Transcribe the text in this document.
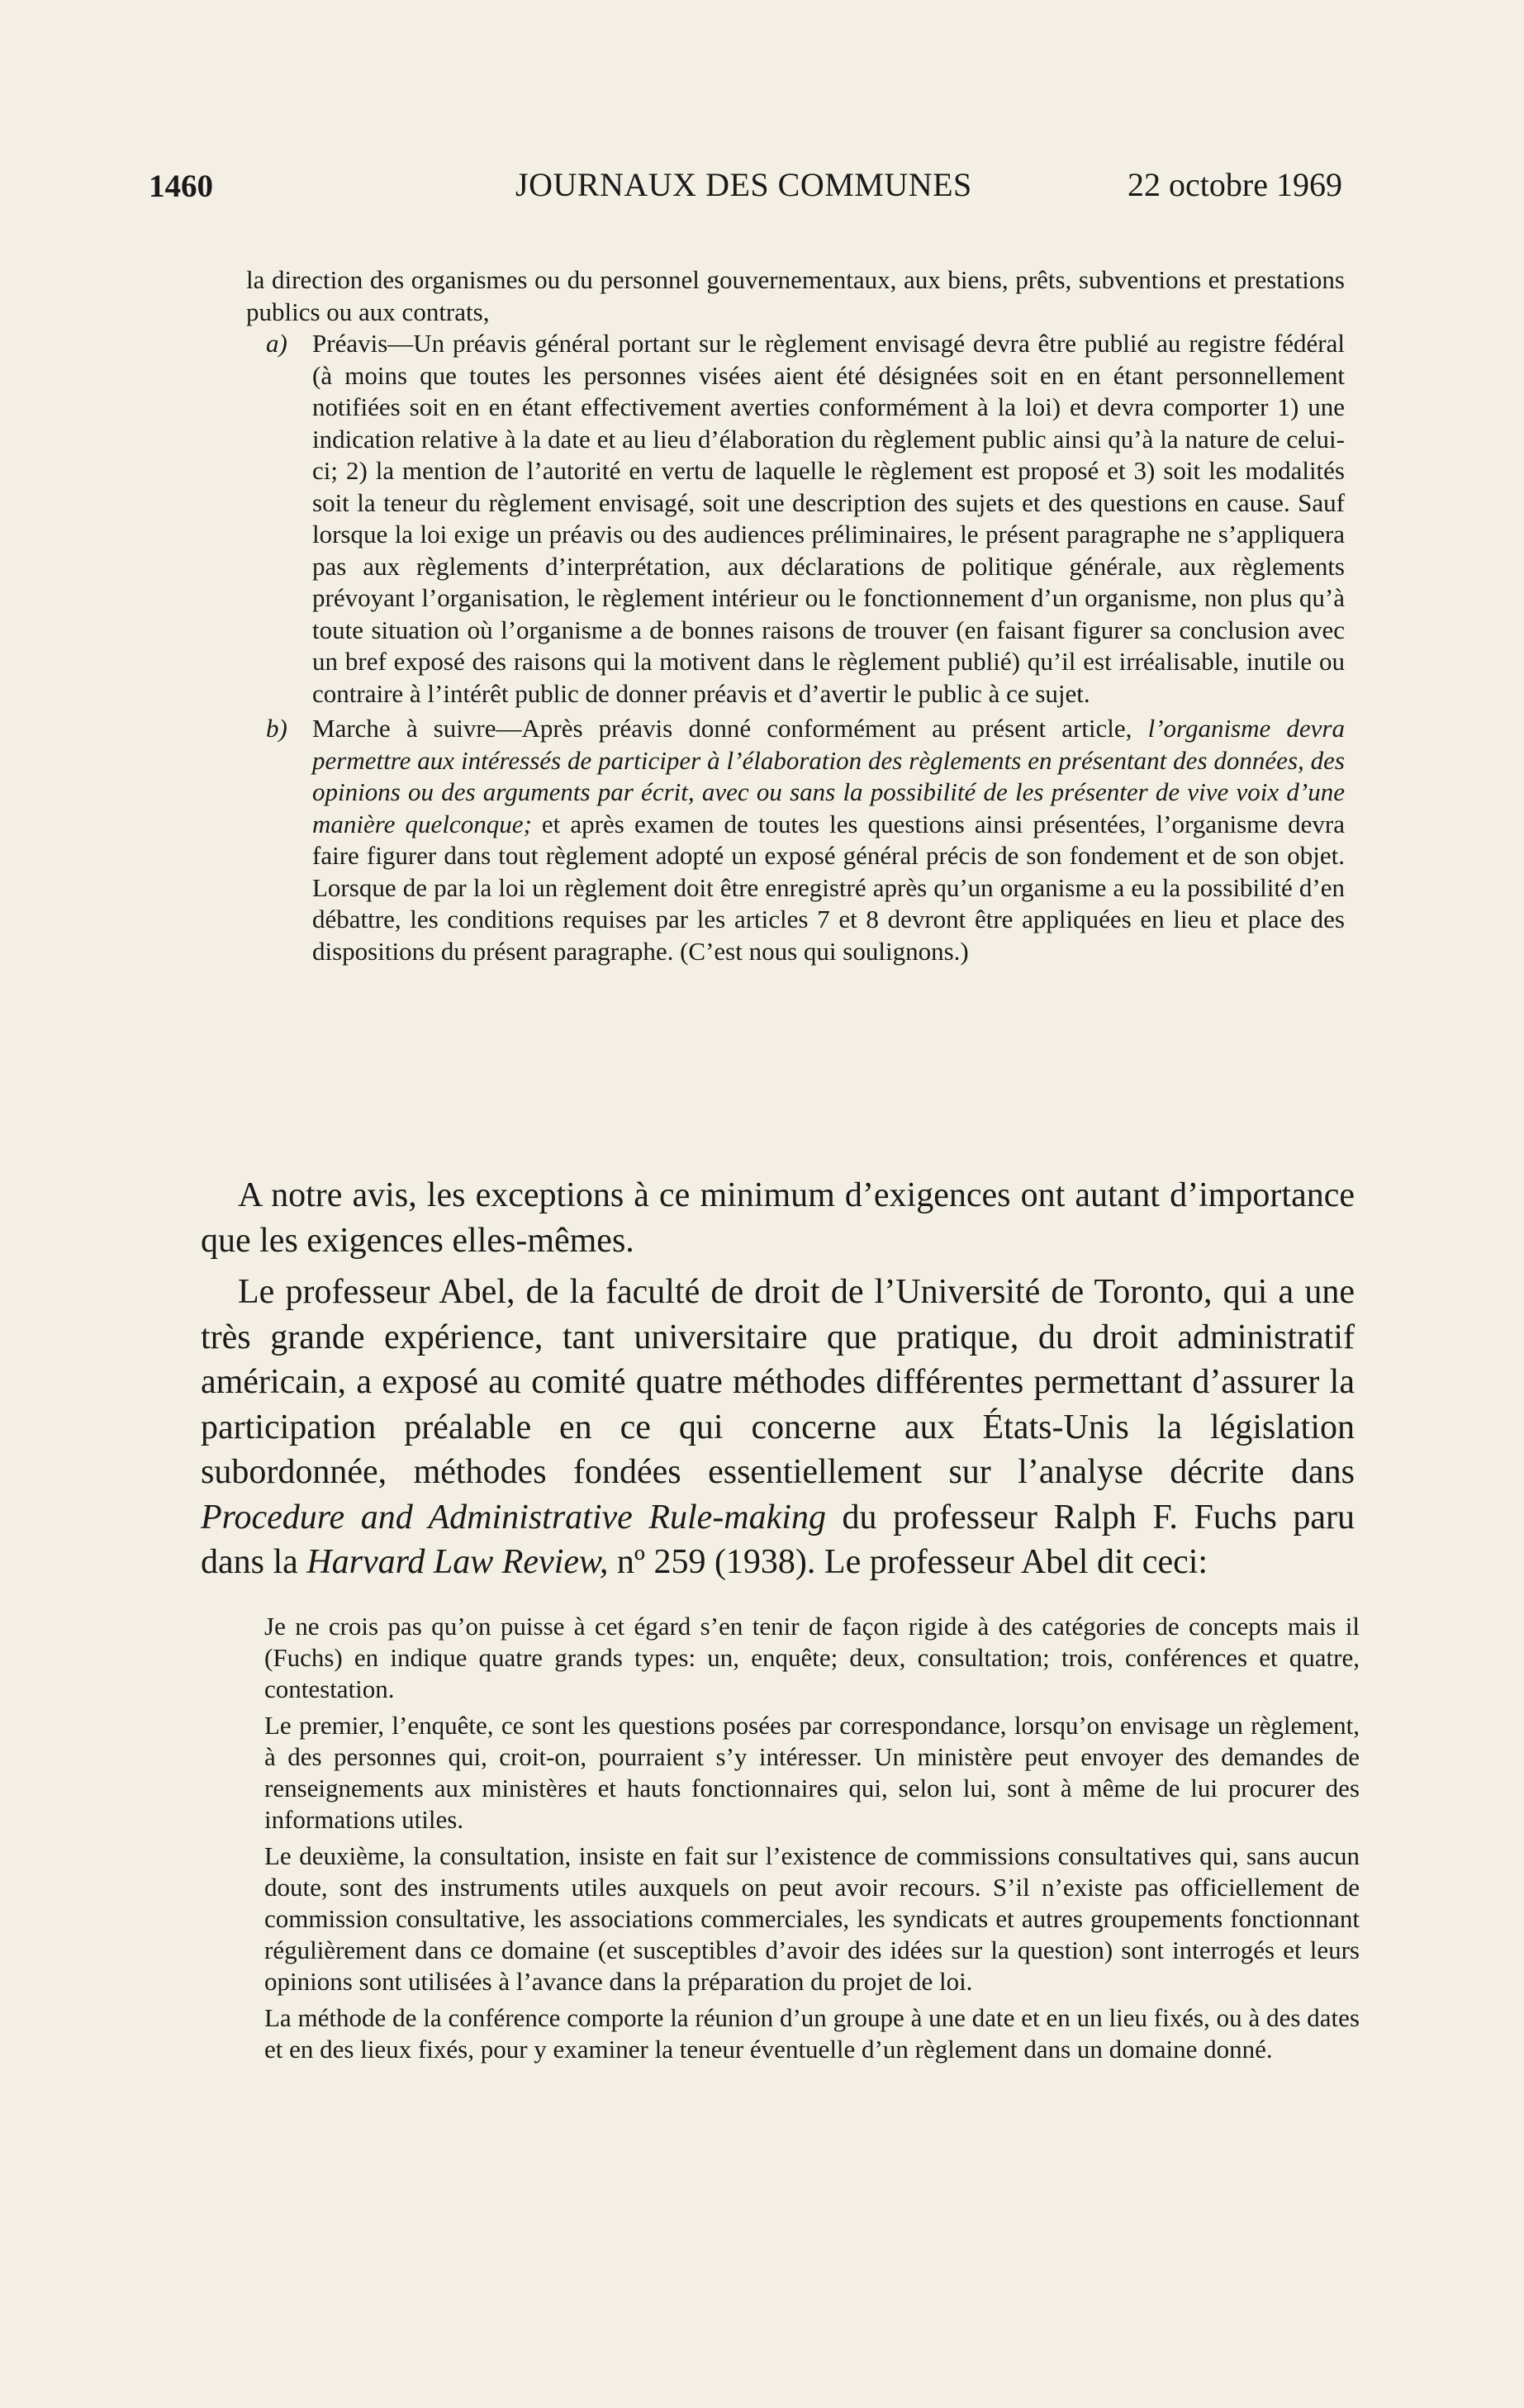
1460	JOURNAUX DES COMMUNES	22 octobre 1969

la direction des organismes ou du personnel gouvernementaux, aux biens, prêts, subventions et prestations publics ou aux contrats,

a) Préavis—Un préavis général portant sur le règlement envisagé devra être publié au registre fédéral (à moins que toutes les personnes visées aient été désignées soit en en étant personnellement notifiées soit en en étant effectivement averties conformément à la loi) et devra comporter 1) une indication relative à la date et au lieu d’élaboration du règlement public ainsi qu’à la nature de celui-ci; 2) la mention de l’autorité en vertu de laquelle le règlement est proposé et 3) soit les modalités soit la teneur du règlement envisagé, soit une description des sujets et des questions en cause. Sauf lorsque la loi exige un préavis ou des audiences préliminaires, le présent paragraphe ne s’appliquera pas aux règlements d’interprétation, aux déclarations de politique générale, aux règlements prévoyant l’organisation, le règlement intérieur ou le fonctionnement d’un organisme, non plus qu’à toute situation où l’organisme a de bonnes raisons de trouver (en faisant figurer sa conclusion avec un bref exposé des raisons qui la motivent dans le règlement publié) qu’il est irréalisable, inutile ou contraire à l’intérêt public de donner préavis et d’avertir le public à ce sujet.

b) Marche à suivre—Après préavis donné conformément au présent article, l’organisme devra permettre aux intéressés de participer à l’élaboration des règlements en présentant des données, des opinions ou des arguments par écrit, avec ou sans la possibilité de les présenter de vive voix d’une manière quelconque; et après examen de toutes les questions ainsi présentées, l’organisme devra faire figurer dans tout règlement adopté un exposé général précis de son fondement et de son objet. Lorsque de par la loi un règlement doit être enregistré après qu’un organisme a eu la possibilité d’en débattre, les conditions requises par les articles 7 et 8 devront être appliquées en lieu et place des dispositions du présent paragraphe. (C’est nous qui soulignons.)

A notre avis, les exceptions à ce minimum d’exigences ont autant d’importance que les exigences elles-mêmes.

Le professeur Abel, de la faculté de droit de l’Université de Toronto, qui a une très grande expérience, tant universitaire que pratique, du droit administratif américain, a exposé au comité quatre méthodes différentes permettant d’assurer la participation préalable en ce qui concerne aux États-Unis la législation subordonnée, méthodes fondées essentiellement sur l’analyse décrite dans Procedure and Administrative Rule-making du professeur Ralph F. Fuchs paru dans la Harvard Law Review, nº 259 (1938). Le professeur Abel dit ceci:

Je ne crois pas qu’on puisse à cet égard s’en tenir de façon rigide à des catégories de concepts mais il (Fuchs) en indique quatre grands types: un, enquête; deux, consultation; trois, conférences et quatre, contestation.

Le premier, l’enquête, ce sont les questions posées par correspondance, lorsqu’on envisage un règlement, à des personnes qui, croit-on, pourraient s’y intéresser. Un ministère peut envoyer des demandes de renseignements aux ministères et hauts fonctionnaires qui, selon lui, sont à même de lui procurer des informations utiles.

Le deuxième, la consultation, insiste en fait sur l’existence de commissions consultatives qui, sans aucun doute, sont des instruments utiles auxquels on peut avoir recours. S’il n’existe pas officiellement de commission consultative, les associations commerciales, les syndicats et autres groupements fonctionnant régulièrement dans ce domaine (et susceptibles d’avoir des idées sur la question) sont interrogés et leurs opinions sont utilisées à l’avance dans la préparation du projet de loi.

La méthode de la conférence comporte la réunion d’un groupe à une date et en un lieu fixés, ou à des dates et en des lieux fixés, pour y examiner la teneur éventuelle d’un règlement dans un domaine donné.
